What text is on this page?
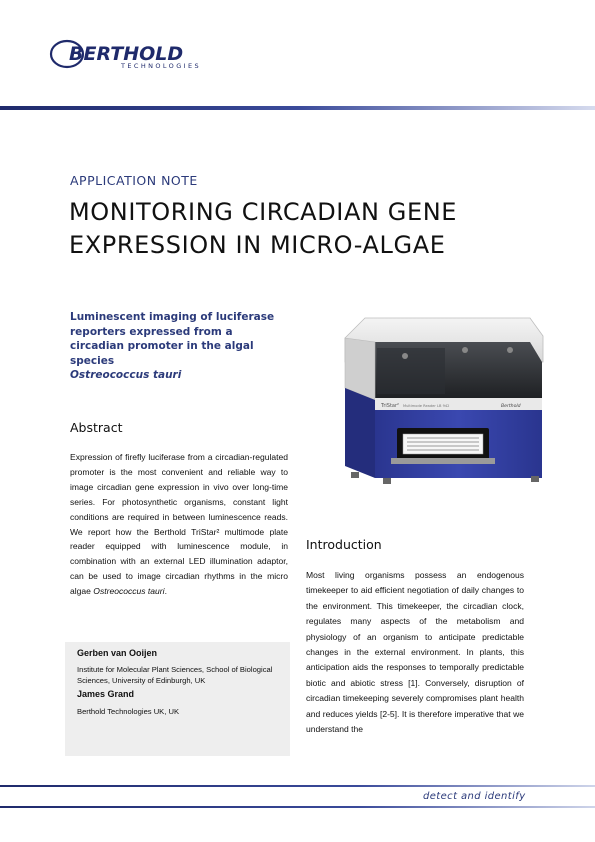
BERTHOLD
TECHNOLOGIES
APPLICATION NOTE
MONITORING CIRCADIAN GENE
EXPRESSION IN MICRO-ALGAE
Luminescent imaging of luciferase reporters expressed from a circadian promoter in the algal species
Ostreococcus tauri
TriStar² Multimode Reader LB 942	Berthold
Abstract
Expression of firefly luciferase from a circadian-regulated promoter is the most convenient and reliable way to image circadian gene expression in vivo over long-time series. For photosynthetic organisms, constant light conditions are required in between luminescence reads. We report how the Berthold TriStar² multimode plate reader equipped with luminescence module, in combination with an external LED illumination adaptor, can be used to image circadian rhythms in the micro algae Ostreococcus tauri.
Gerben van Ooijen
Institute for Molecular Plant Sciences, School of Biological Sciences, University of Edinburgh, UK
James Grand
Berthold Technologies UK, UK
Introduction
Most living organisms possess an endogenous timekeeper to aid efficient negotiation of daily changes to the environment. This timekeeper, the circadian clock, regulates many aspects of the metabolism and physiology of an organism to anticipate predictable changes in the external environment. In plants, this anticipation aids the responses to temporally predictable biotic and abiotic stress [1]. Conversely, disruption of circadian timekeeping severely compromises plant health and reduces yields [2-5]. It is therefore imperative that we understand the
detect and identify
